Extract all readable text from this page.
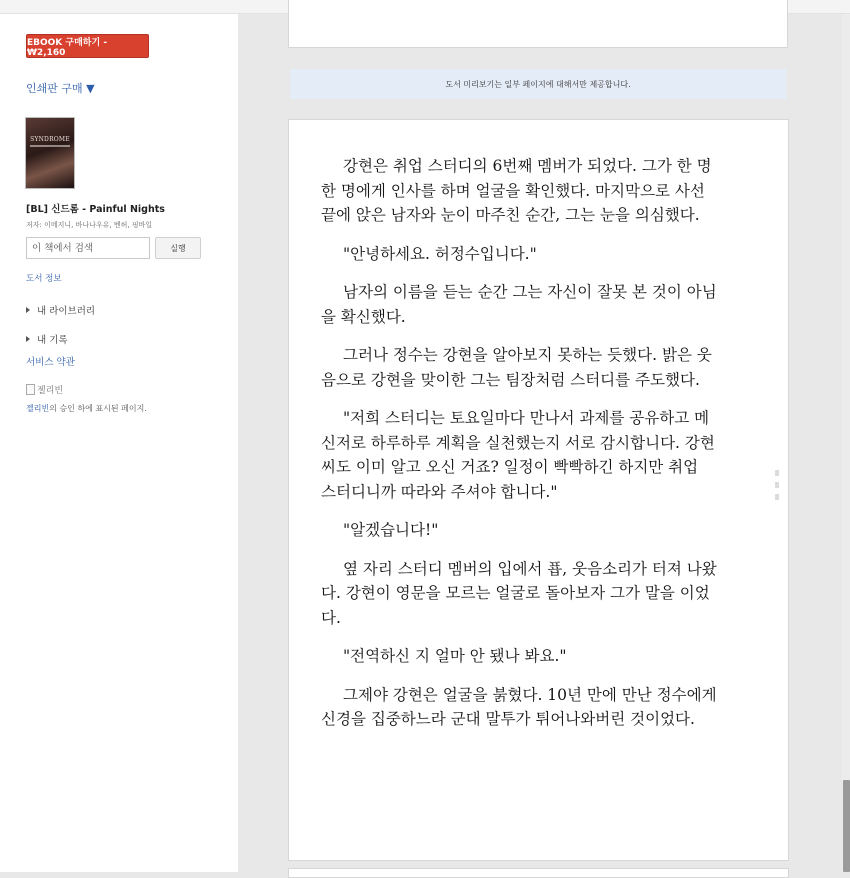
EBOOK 구매하기 - ₩2,160
인쇄판 구매 ▼
SYNDROME
[BL] 신드롬 - Painful Nights
저자: 이메지니, 바나나우유, 벤허, 핑바일
이 책에서 검색
실행
도서 정보
내 라이브러리
내 기록
서비스 약관
젤리빈
젤리빈의 승인 하에 표시된 페이지.
도서 미리보기는 일부 페이지에 대해서만 제공합니다.

강현은 취업 스터디의 6번째 멤버가 되었다. 그가 한 명
한 명에게 인사를 하며 얼굴을 확인했다. 마지막으로 사선
끝에 앉은 남자와 눈이 마주친 순간, 그는 눈을 의심했다.

"안녕하세요. 허정수입니다."

남자의 이름을 듣는 순간 그는 자신이 잘못 본 것이 아님
을 확신했다.

그러나 정수는 강현을 알아보지 못하는 듯했다. 밝은 웃
음으로 강현을 맞이한 그는 팀장처럼 스터디를 주도했다.

"저희 스터디는 토요일마다 만나서 과제를 공유하고 메
신저로 하루하루 계획을 실천했는지 서로 감시합니다. 강현
씨도 이미 알고 오신 거죠? 일정이 빡빡하긴 하지만 취업
스터디니까 따라와 주셔야 합니다."

"알겠습니다!"

옆 자리 스터디 멤버의 입에서 푭, 웃음소리가 터져 나왔
다. 강현이 영문을 모르는 얼굴로 돌아보자 그가 말을 이었
다.

"전역하신 지 얼마 안 됐나 봐요."

그제야 강현은 얼굴을 붉혔다. 10년 만에 만난 정수에게
신경을 집중하느라 군대 말투가 튀어나와버린 것이었다.
